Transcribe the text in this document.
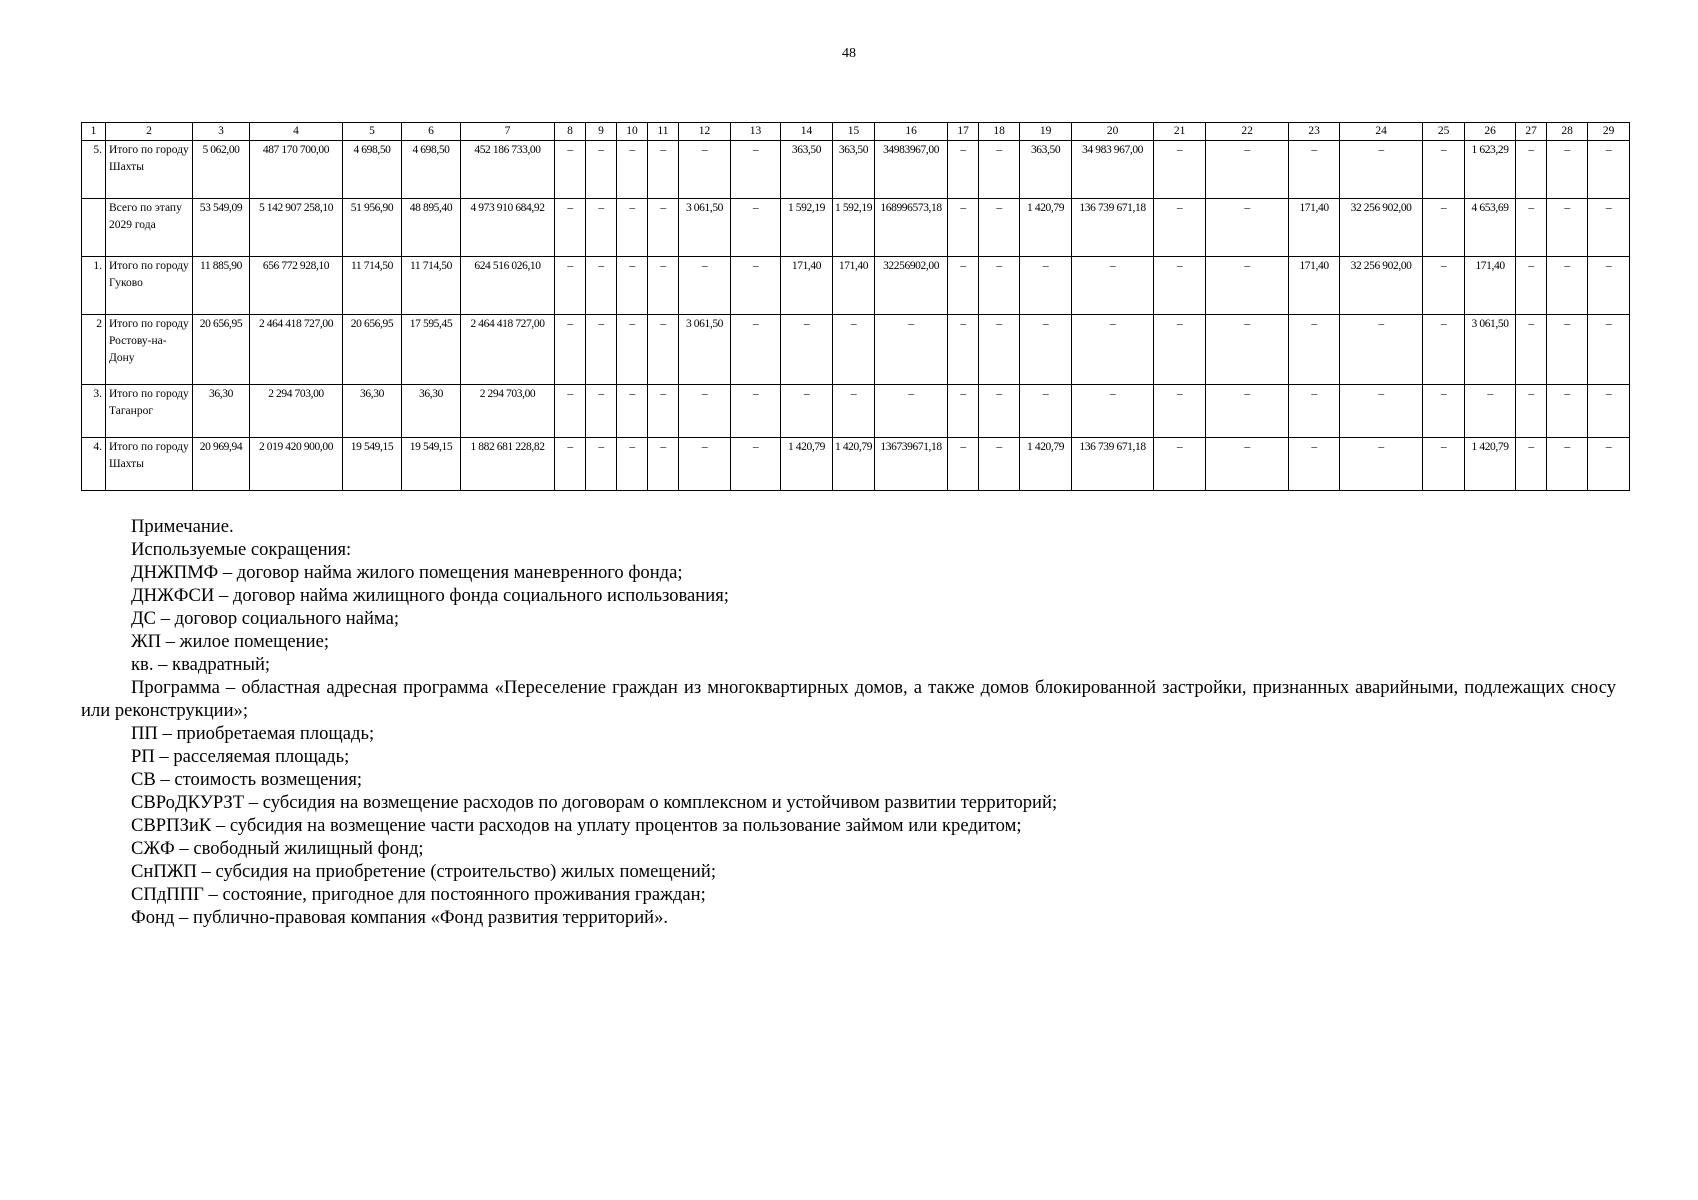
48
1	2	3	4	5	6	7	8	9	10	11	12	13	14	15	16	17	18	19	20	21	22	23	24	25	26	27	28	29
5.	Итого по городу Шахты	5 062,00	487 170 700,00	4 698,50	4 698,50	452 186 733,00	–	–	–	–	–	–	363,50	363,50	34983967,00	–	–	363,50	34 983 967,00	–	–	–	–	–	1 623,29	–	–	–
	Всего по этапу 2029 года	53 549,09	5 142 907 258,10	51 956,90	48 895,40	4 973 910 684,92	–	–	–	–	3 061,50	–	1 592,19	1 592,19	168996573,18	–	–	1 420,79	136 739 671,18	–	–	171,40	32 256 902,00	–	4 653,69	–	–	–
1.	Итого по городу Гуково	11 885,90	656 772 928,10	11 714,50	11 714,50	624 516 026,10	–	–	–	–	–	–	171,40	171,40	32256902,00	–	–	–	–	–	–	171,40	32 256 902,00	–	171,40	–	–	–
2	Итого по городу Ростову-на-Дону	20 656,95	2 464 418 727,00	20 656,95	17 595,45	2 464 418 727,00	–	–	–	–	3 061,50	–	–	–	–	–	–	–	–	–	–	–	–	–	3 061,50	–	–	–
3.	Итого по городу Таганрог	36,30	2 294 703,00	36,30	36,30	2 294 703,00	–	–	–	–	–	–	–	–	–	–	–	–	–	–	–	–	–	–	–	–	–	–
4.	Итого по городу Шахты	20 969,94	2 019 420 900,00	19 549,15	19 549,15	1 882 681 228,82	–	–	–	–	–	–	1 420,79	1 420,79	136739671,18	–	–	1 420,79	136 739 671,18	–	–	–	–	–	1 420,79	–	–	–

Примечание.

Используемые сокращения:

ДНЖПМФ – договор найма жилого помещения маневренного фонда;

ДНЖФСИ – договор найма жилищного фонда социального использования;

ДС – договор социального найма;

ЖП – жилое помещение;

кв. – квадратный;

Программа – областная адресная программа «Переселение граждан из многоквартирных домов, а также домов блокированной застройки, признанных аварийными, подлежащих сносу или реконструкции»;

ПП – приобретаемая площадь;

РП – расселяемая площадь;

СВ – стоимость возмещения;

СВРоДКУРЗТ – субсидия на возмещение расходов по договорам о комплексном и устойчивом развитии территорий;

СВРПЗиК – субсидия на возмещение части расходов на уплату процентов за пользование займом или кредитом;

СЖФ – свободный жилищный фонд;

СнПЖП – субсидия на приобретение (строительство) жилых помещений;

СПдППГ – состояние, пригодное для постоянного проживания граждан;

Фонд – публично-правовая компания «Фонд развития территорий».
